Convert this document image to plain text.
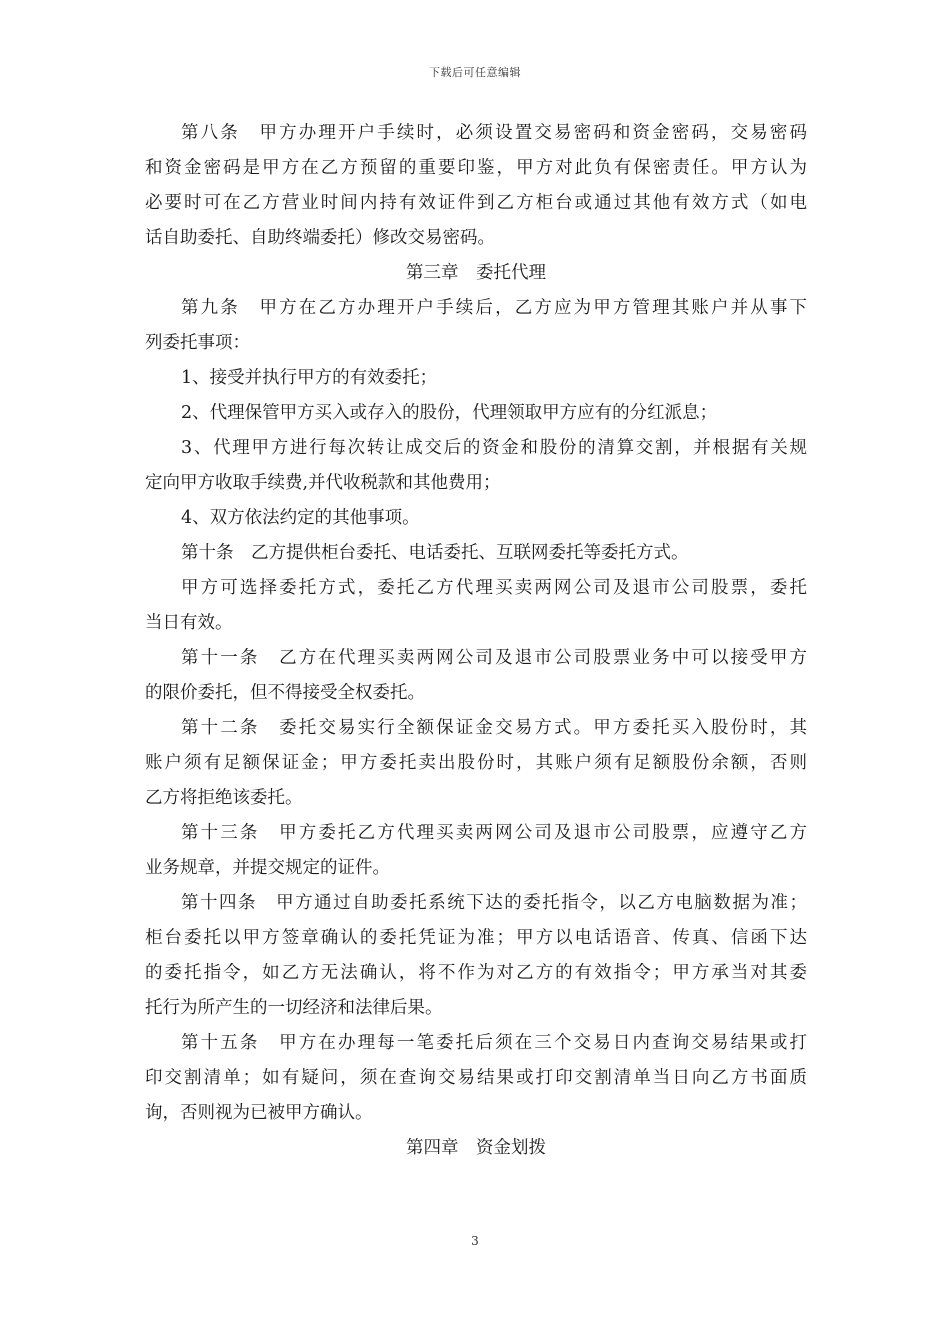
下载后可任意编辑
第八条　甲方办理开户手续时，必须设置交易密码和资金密码，交易密码
和资金密码是甲方在乙方预留的重要印鉴，甲方对此负有保密责任。甲方认为
必要时可在乙方营业时间内持有效证件到乙方柜台或通过其他有效方式（如电
话自助委托、自助终端委托）修改交易密码。
第三章　委托代理
第九条　甲方在乙方办理开户手续后，乙方应为甲方管理其账户并从事下
列委托事项：
1、接受并执行甲方的有效委托；
2、代理保管甲方买入或存入的股份，代理领取甲方应有的分红派息；
3、代理甲方进行每次转让成交后的资金和股份的清算交割，并根据有关规
定向甲方收取手续费,并代收税款和其他费用；
4、双方依法约定的其他事项。
第十条　乙方提供柜台委托、电话委托、互联网委托等委托方式。
甲方可选择委托方式，委托乙方代理买卖两网公司及退市公司股票，委托
当日有效。
第十一条　乙方在代理买卖两网公司及退市公司股票业务中可以接受甲方
的限价委托，但不得接受全权委托。
第十二条　委托交易实行全额保证金交易方式。甲方委托买入股份时，其
账户须有足额保证金；甲方委托卖出股份时，其账户须有足额股份余额，否则
乙方将拒绝该委托。
第十三条　甲方委托乙方代理买卖两网公司及退市公司股票，应遵守乙方
业务规章，并提交规定的证件。
第十四条　甲方通过自助委托系统下达的委托指令，以乙方电脑数据为准；
柜台委托以甲方签章确认的委托凭证为准；甲方以电话语音、传真、信函下达
的委托指令，如乙方无法确认，将不作为对乙方的有效指令；甲方承当对其委
托行为所产生的一切经济和法律后果。
第十五条　甲方在办理每一笔委托后须在三个交易日内查询交易结果或打
印交割清单；如有疑问，须在查询交易结果或打印交割清单当日向乙方书面质
询，否则视为已被甲方确认。
第四章　资金划拨
3
